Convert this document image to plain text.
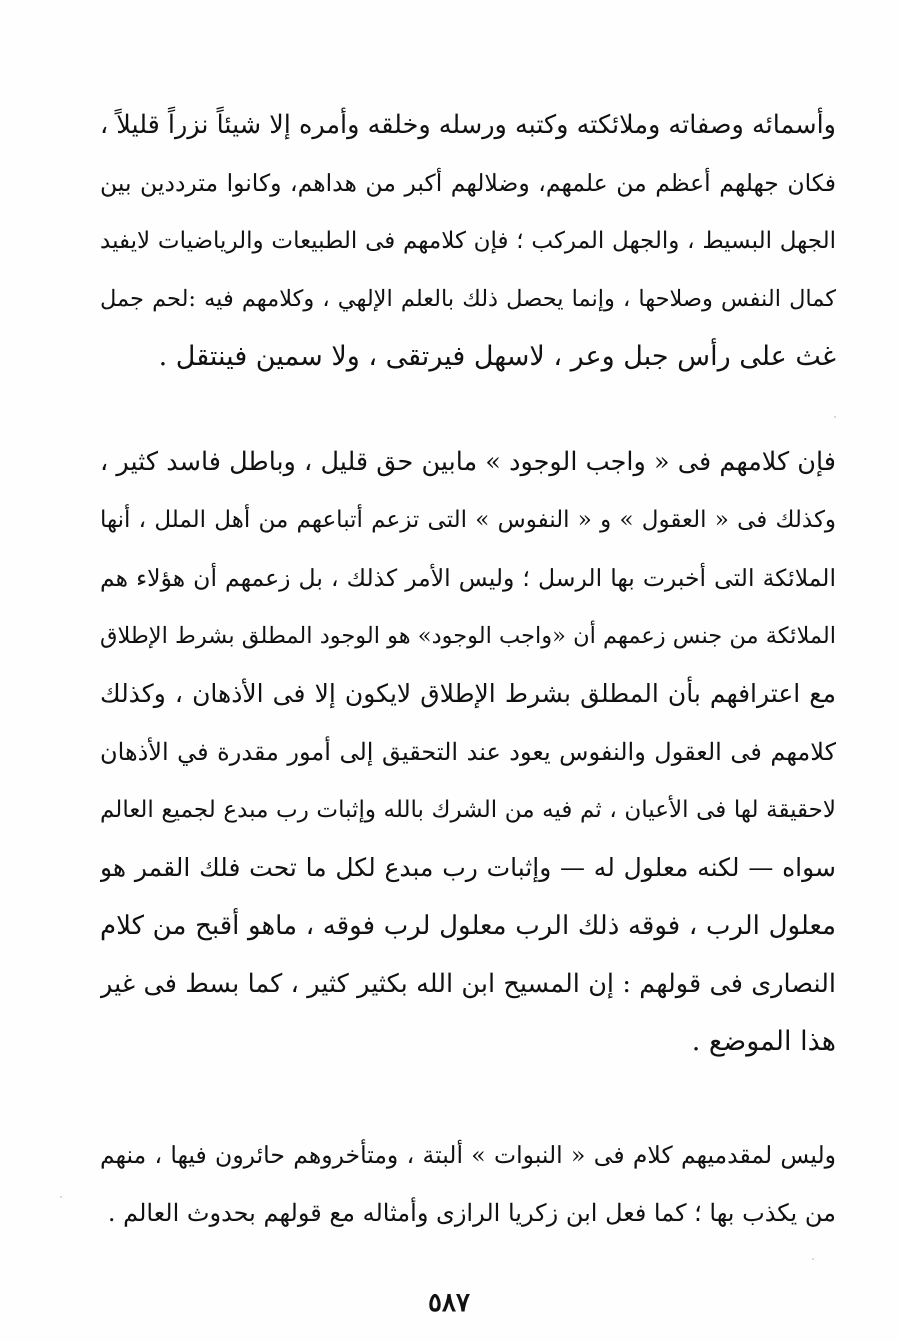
وأسمائه وصفاته وملائكته وكتبه ورسله وخلقه وأمره إلا شيئاً نزراً قليلاً ،
فكان جهلهم أعظم من علمهم، وضلالهم أكبر من هداهم، وكانوا مترددين بين
الجهل البسيط ، والجهل المركب ؛ فإن كلامهم فى الطبيعات والرياضيات لايفيد
كمال النفس وصلاحها ، وإنما يحصل ذلك بالعلم الإلهي ، وكلامهم فيه :لحم جمل
غث على رأس جبل وعر ، لاسهل فيرتقى ، ولا سمين فينتقل .
فإن كلامهم فى « واجب الوجود » مابين حق قليل ، وباطل فاسد كثير ،
وكذلك فى « العقول » و « النفوس » التى تزعم أتباعهم من أهل الملل ، أنها
الملائكة التى أخبرت بها الرسل ؛ وليس الأمر كذلك ، بل زعمهم أن هؤلاء هم
الملائكة من جنس زعمهم أن «واجب الوجود» هو الوجود المطلق بشرط الإطلاق
مع اعترافهم بأن المطلق بشرط الإطلاق لايكون إلا فى الأذهان ، وكذلك
كلامهم فى العقول والنفوس يعود عند التحقيق إلى أمور مقدرة في الأذهان
لاحقيقة لها فى الأعيان ، ثم فيه من الشرك بالله وإثبات رب مبدع لجميع العالم
سواه — لكنه معلول له — وإثبات رب مبدع لكل ما تحت فلك القمر هو
معلول الرب ، فوقه ذلك الرب معلول لرب فوقه ، ماهو أقبح من كلام
النصارى فى قولهم : إن المسيح ابن الله بكثير كثير ، كما بسط فى غير
هذا الموضع .
وليس لمقدميهم كلام فى « النبوات » ألبتة ، ومتأخروهم حائرون فيها ، منهم
من يكذب بها ؛ كما فعل ابن زكريا الرازى وأمثاله مع قولهم بحدوث العالم .
٥٨٧
